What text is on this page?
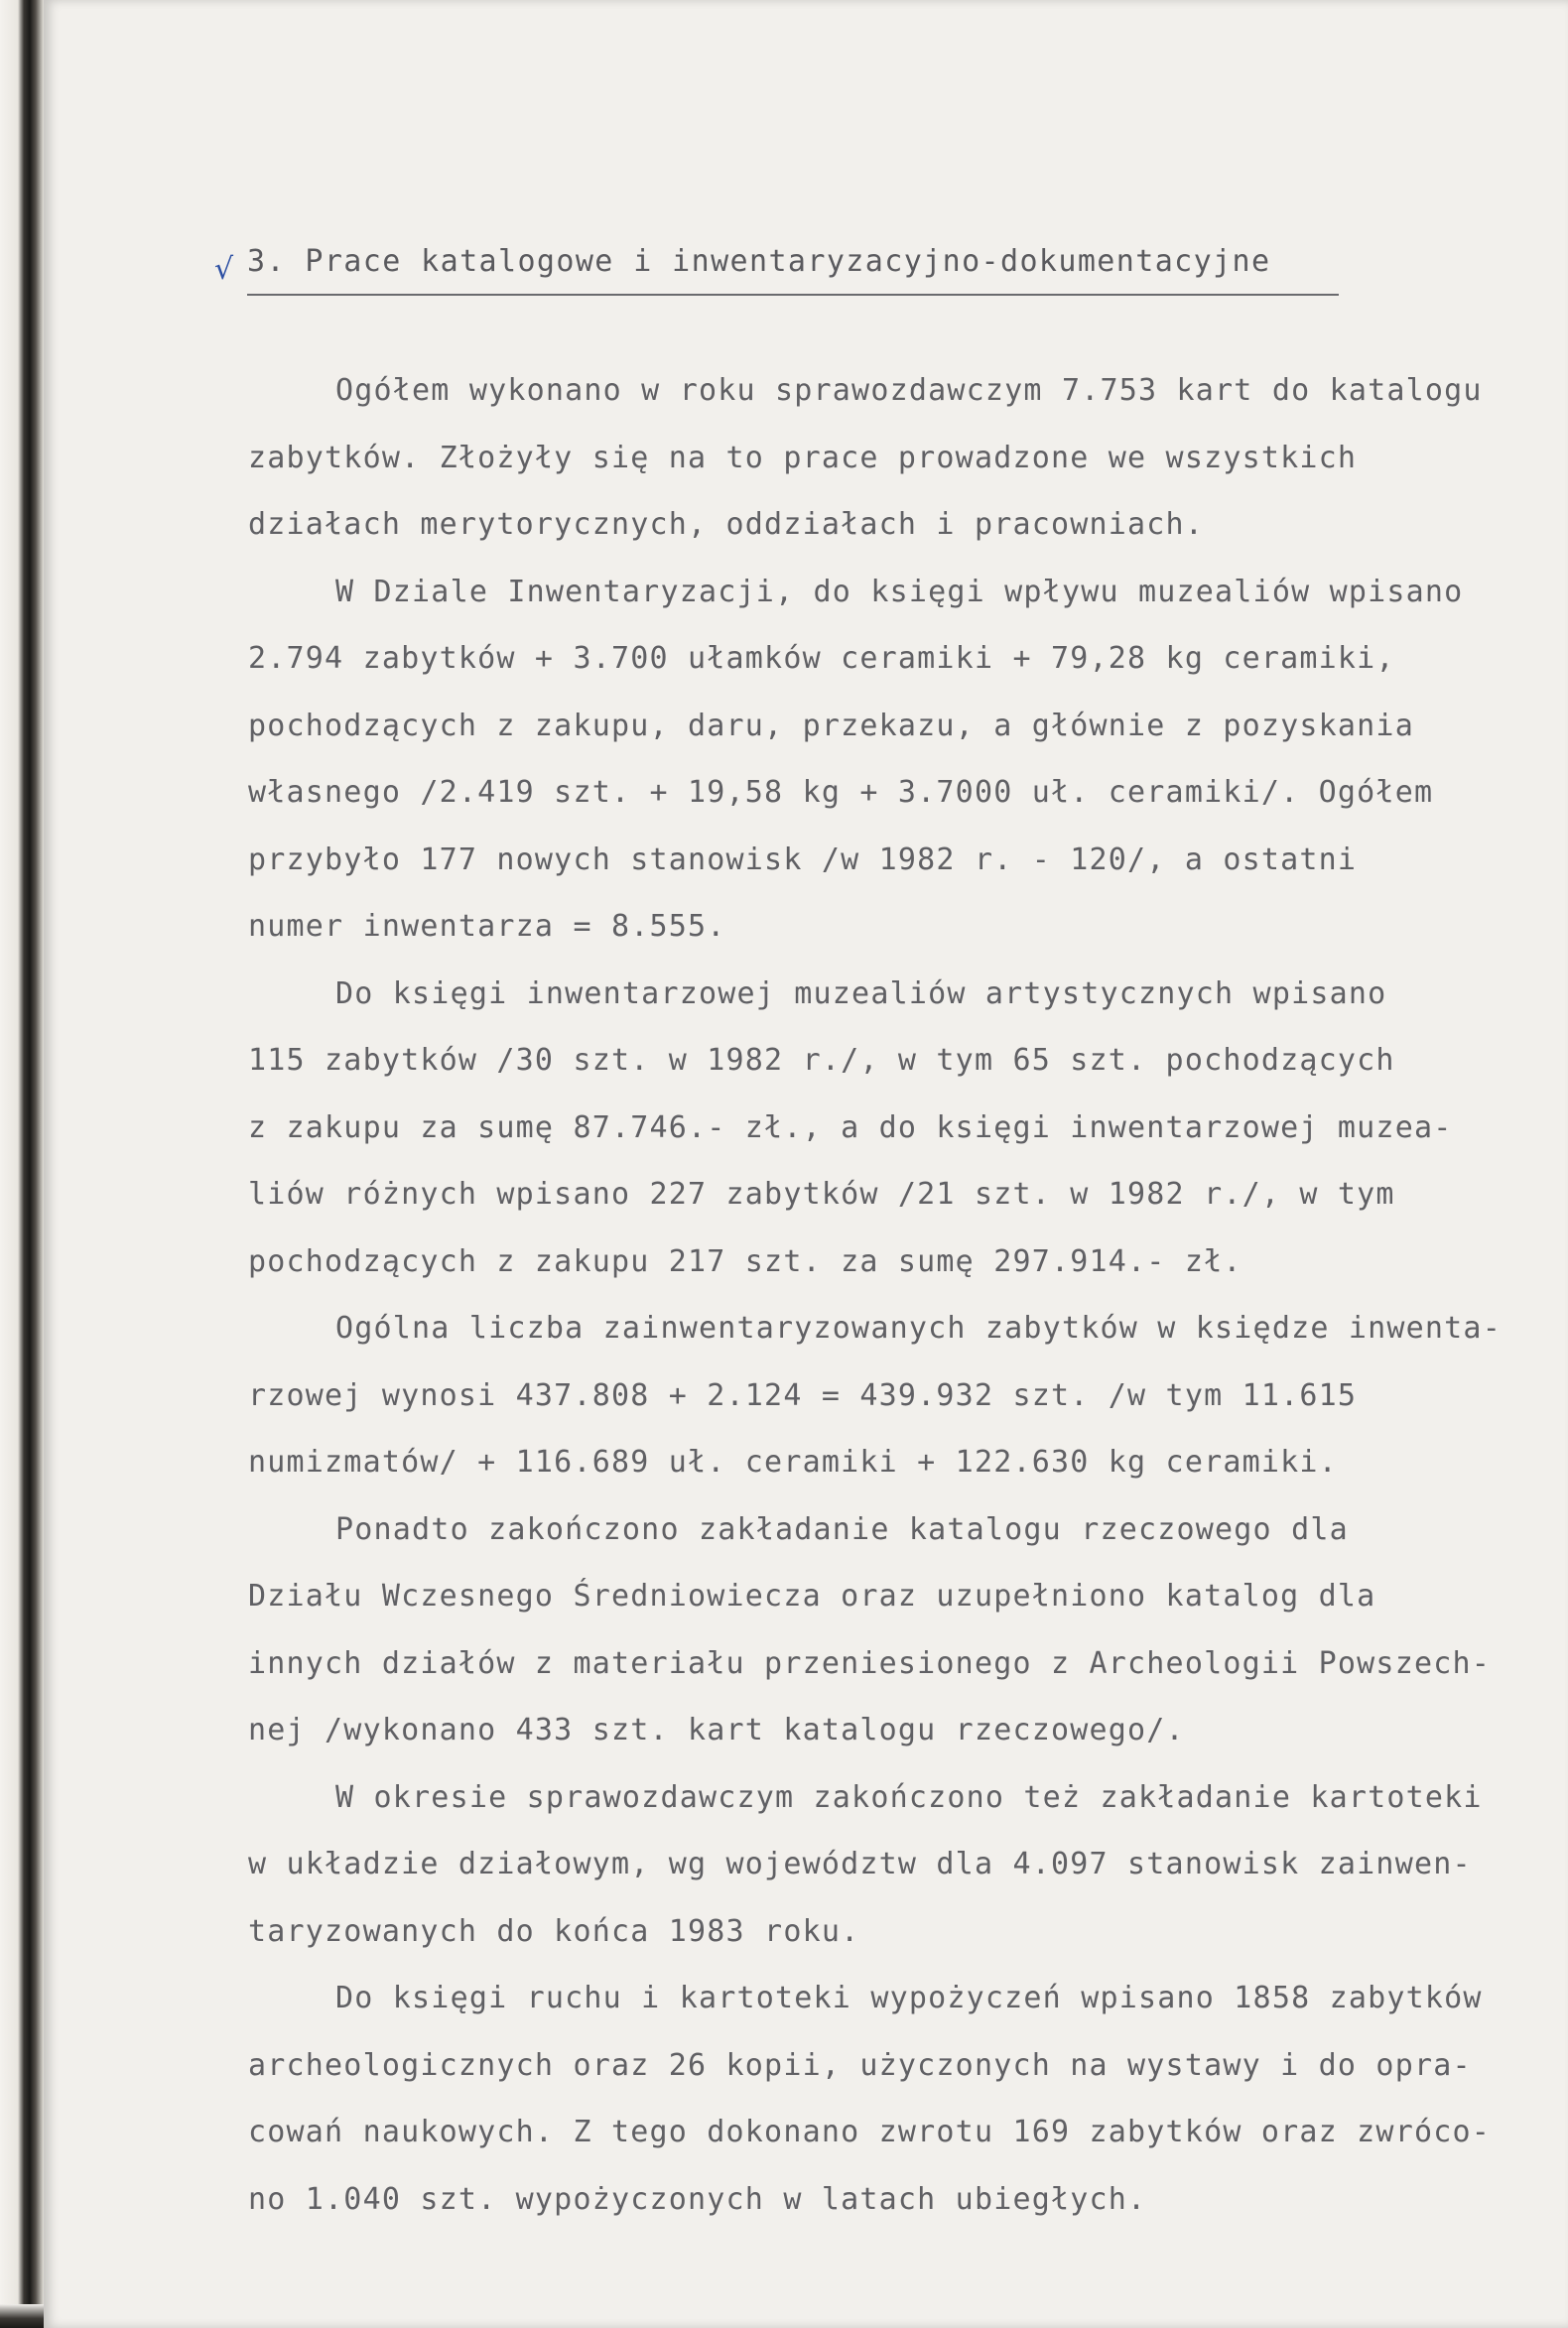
√ 3. Prace katalogowe i inwentaryzacyjno-dokumentacyjne
Ogółem wykonano w roku sprawozdawczym 7.753 kart do katalogu
zabytków. Złożyły się na to prace prowadzone we wszystkich
działach merytorycznych, oddziałach i pracowniach.
W Dziale Inwentaryzacji, do księgi wpływu muzealiów wpisano
2.794 zabytków + 3.700 ułamków ceramiki + 79,28 kg ceramiki,
pochodzących z zakupu, daru, przekazu, a głównie z pozyskania
własnego /2.419 szt. + 19,58 kg + 3.7000 uł. ceramiki/. Ogółem
przybyło 177 nowych stanowisk /w 1982 r. - 120/, a ostatni
numer inwentarza = 8.555.
Do księgi inwentarzowej muzealiów artystycznych wpisano
115 zabytków /30 szt. w 1982 r./, w tym 65 szt. pochodzących
z zakupu za sumę 87.746.- zł., a do księgi inwentarzowej muzea-
liów różnych wpisano 227 zabytków /21 szt. w 1982 r./, w tym
pochodzących z zakupu 217 szt. za sumę 297.914.- zł.
Ogólna liczba zainwentaryzowanych zabytków w księdze inwenta-
rzowej wynosi 437.808 + 2.124 = 439.932 szt. /w tym 11.615
numizmatów/ + 116.689 uł. ceramiki + 122.630 kg ceramiki.
Ponadto zakończono zakładanie katalogu rzeczowego dla
Działu Wczesnego Średniowiecza oraz uzupełniono katalog dla
innych działów z materiału przeniesionego z Archeologii Powszech-
nej /wykonano 433 szt. kart katalogu rzeczowego/.
W okresie sprawozdawczym zakończono też zakładanie kartoteki
w układzie działowym, wg województw dla 4.097 stanowisk zainwen-
taryzowanych do końca 1983 roku.
Do księgi ruchu i kartoteki wypożyczeń wpisano 1858 zabytków
archeologicznych oraz 26 kopii, użyczonych na wystawy i do opra-
cowań naukowych. Z tego dokonano zwrotu 169 zabytków oraz zwróco-
no 1.040 szt. wypożyczonych w latach ubiegłych.
